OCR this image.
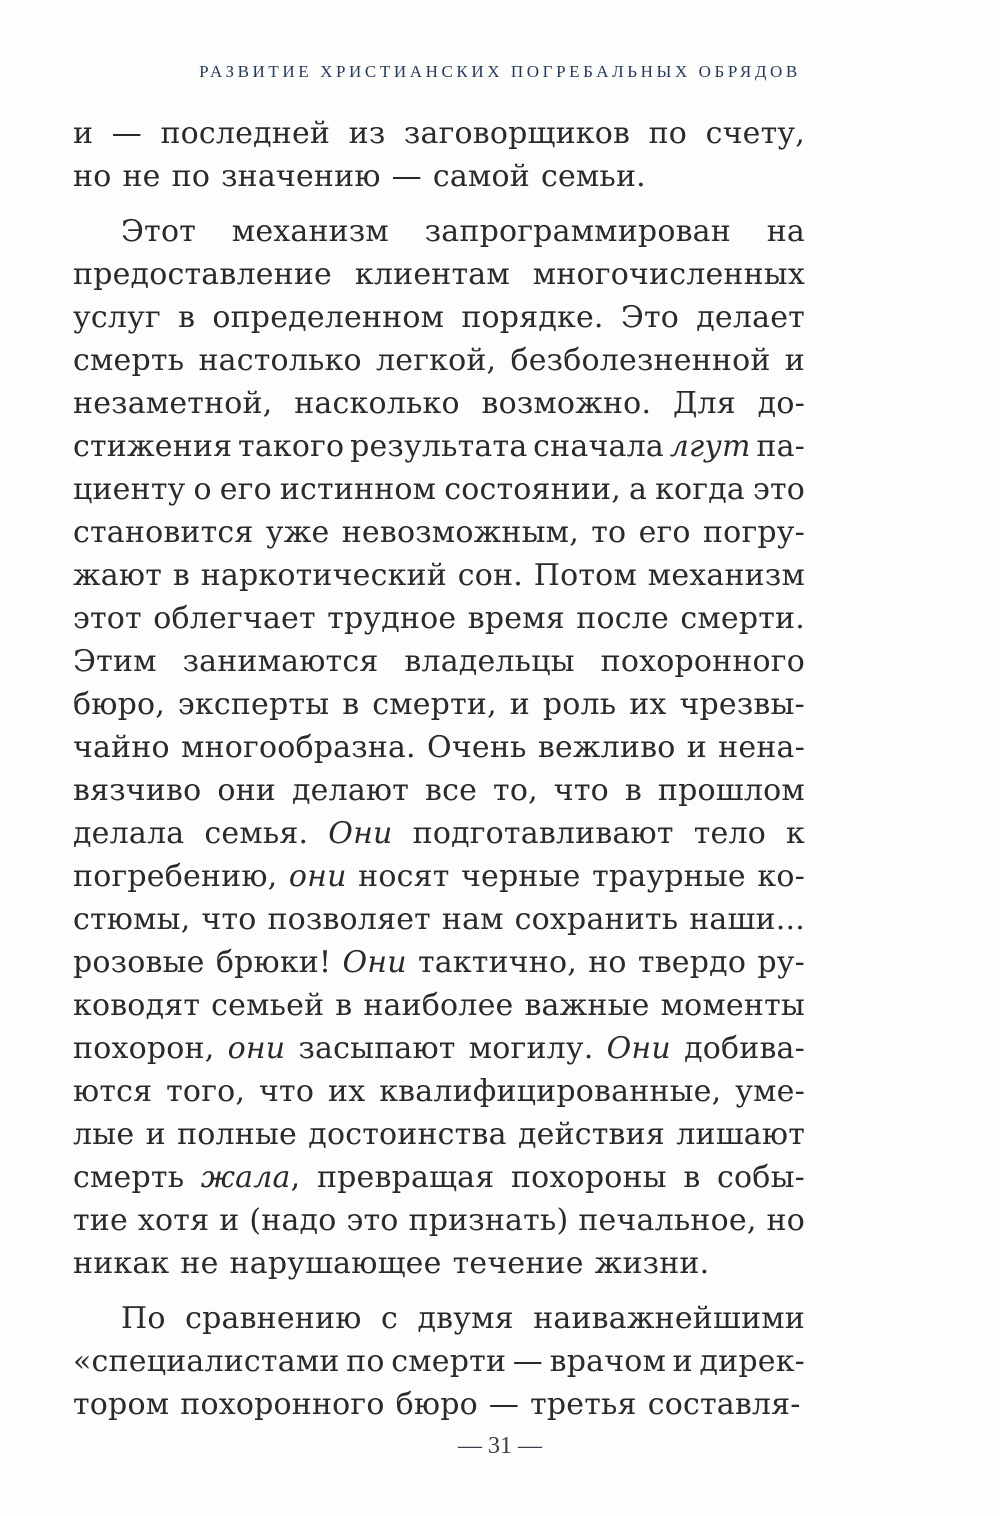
РАЗВИТИЕ ХРИСТИАНСКИХ ПОГРЕБАЛЬНЫХ ОБРЯДОВ
и — последней из заговорщиков по счету,
но не по значению — самой семьи.
Этот механизм запрограммирован на
предоставление клиентам многочисленных
услуг в определенном порядке. Это делает
смерть настолько легкой, безболезненной и
незаметной, насколько возможно. Для до-
стижения такого результата сначала лгут па-
циенту о его истинном состоянии, а когда это
становится уже невозможным, то его погру-
жают в наркотический сон. Потом механизм
этот облегчает трудное время после смерти.
Этим занимаются владельцы похоронного
бюро, эксперты в смерти, и роль их чрезвы-
чайно многообразна. Очень вежливо и нена-
вязчиво они делают все то, что в прошлом
делала семья. Они подготавливают тело к
погребению, они носят черные траурные ко-
стюмы, что позволяет нам сохранить наши...
розовые брюки! Они тактично, но твердо ру-
ководят семьей в наиболее важные моменты
похорон, они засыпают могилу. Они добива-
ются того, что их квалифицированные, уме-
лые и полные достоинства действия лишают
смерть жала, превращая похороны в собы-
тие хотя и (надо это признать) печальное, но
никак не нарушающее течение жизни.
По сравнению с двумя наиважнейшими
«специалистами по смерти — врачом и дирек-
тором похоронного бюро — третья составля-
— 31 —
